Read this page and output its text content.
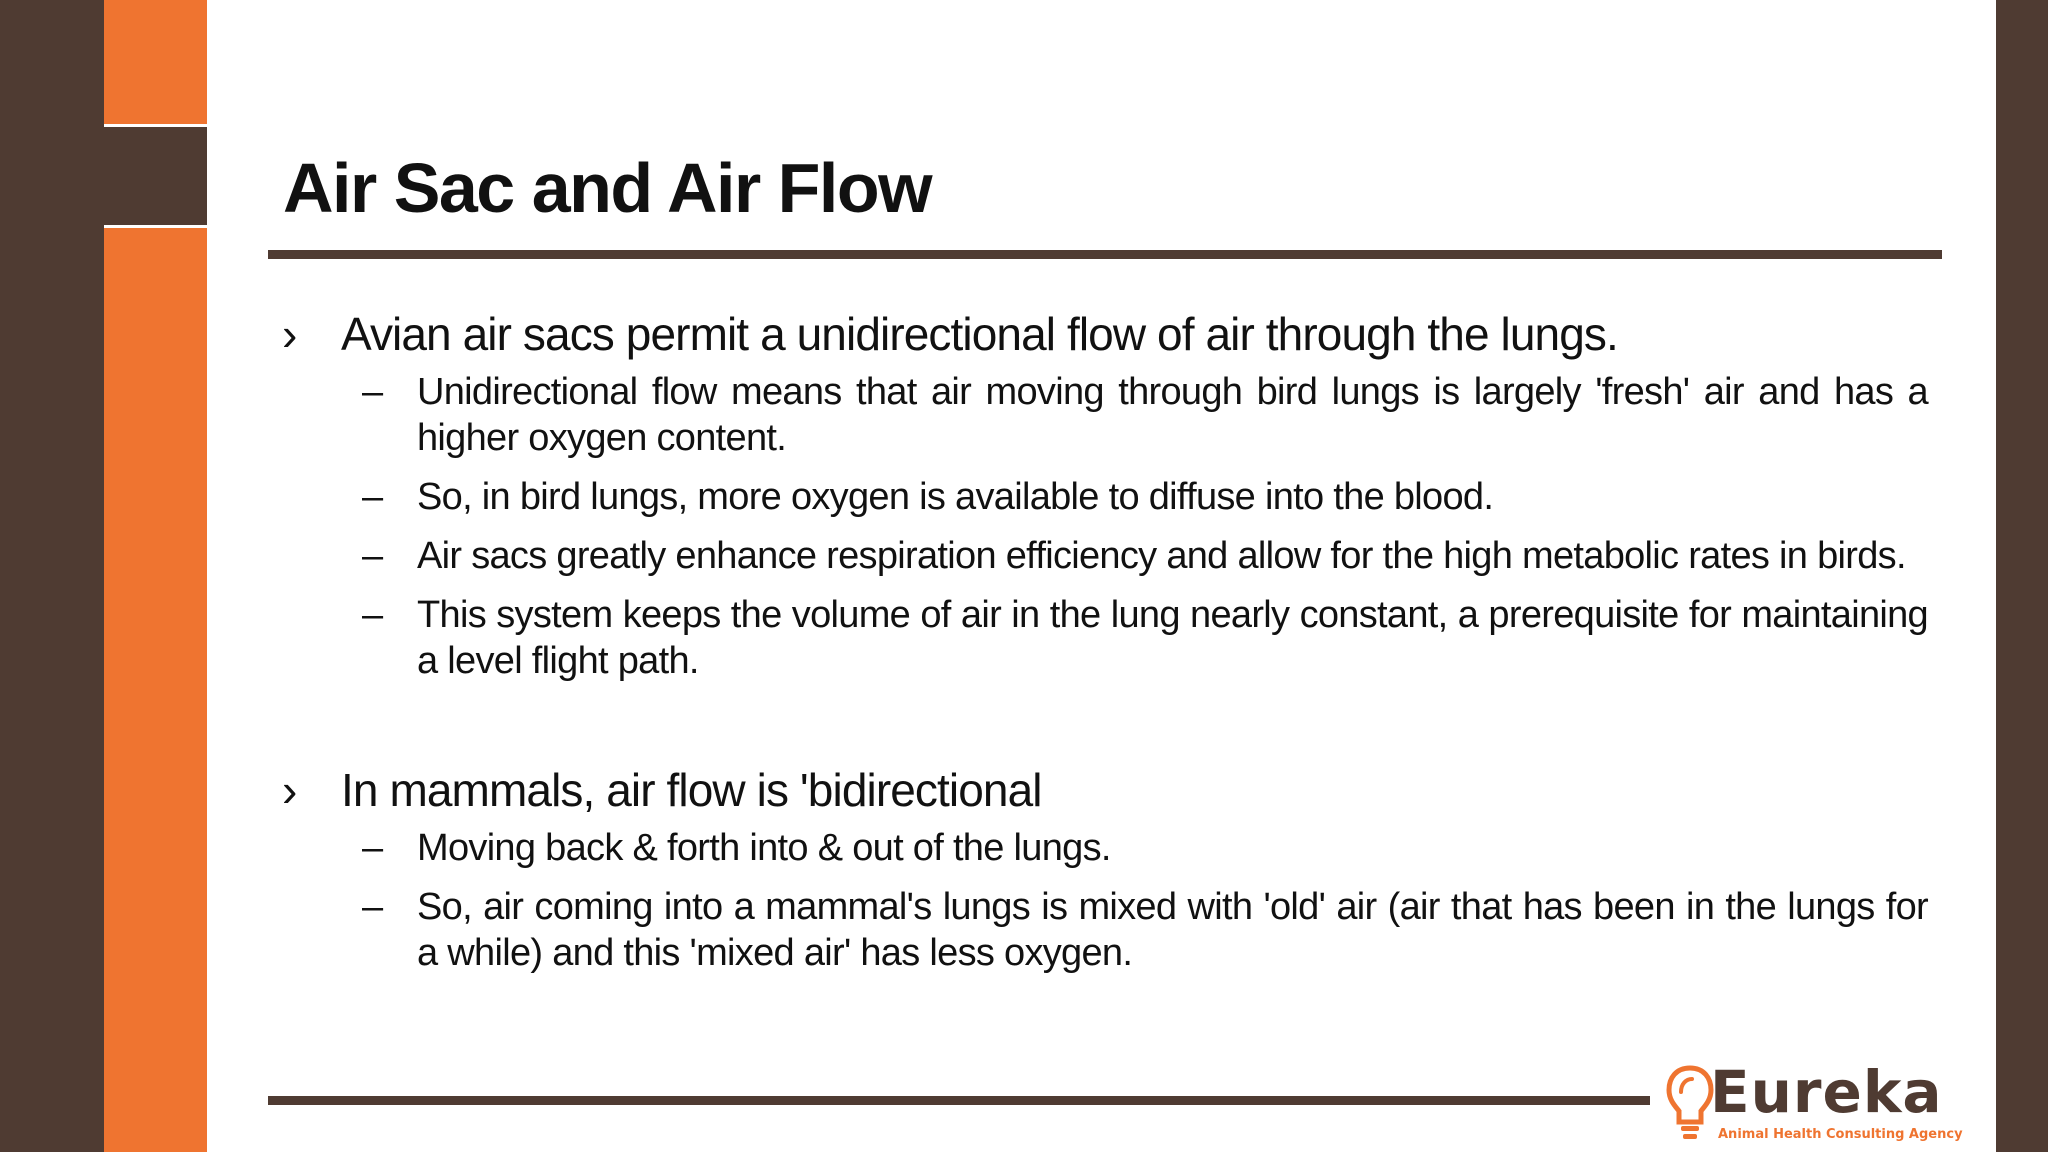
Air Sac and Air Flow
› Avian air sacs permit a unidirectional flow of air through the lungs.
– Unidirectional flow means that air moving through bird lungs is largely 'fresh' air and has a higher oxygen content.
– So, in bird lungs, more oxygen is available to diffuse into the blood.
– Air sacs greatly enhance respiration efficiency and allow for the high metabolic rates in birds.
– This system keeps the volume of air in the lung nearly constant, a prerequisite for maintaining a level flight path.
› In mammals, air flow is 'bidirectional
– Moving back & forth into & out of the lungs.
– So, air coming into a mammal's lungs is mixed with 'old' air (air that has been in the lungs for a while) and this 'mixed air' has less oxygen.
Eureka
Animal Health Consulting Agency
